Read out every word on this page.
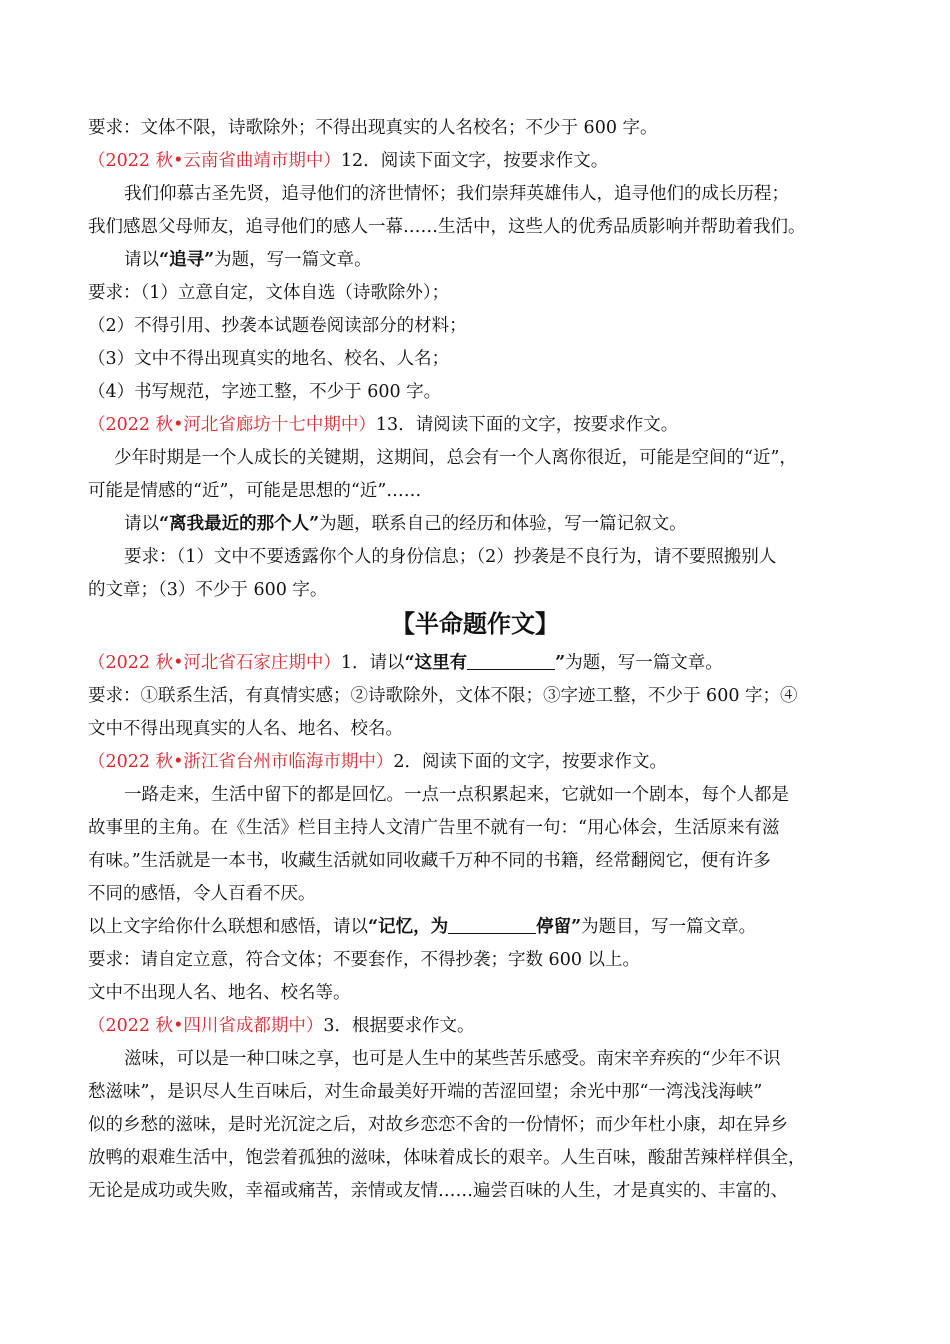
要求：文体不限，诗歌除外；不得出现真实的人名校名；不少于 600 字。
（2022 秋•云南省曲靖市期中）12．阅读下面文字，按要求作文。
我们仰慕古圣先贤，追寻他们的济世情怀；我们崇拜英雄伟人，追寻他们的成长历程；
我们感恩父母师友，追寻他们的感人一幕……生活中，这些人的优秀品质影响并帮助着我们。
请以“追寻”为题，写一篇文章。
要求：（1）立意自定，文体自选（诗歌除外）；
（2）不得引用、抄袭本试题卷阅读部分的材料；
（3）文中不得出现真实的地名、校名、人名；
（4）书写规范，字迹工整，不少于 600 字。
（2022 秋•河北省廊坊十七中期中）13．请阅读下面的文字，按要求作文。
少年时期是一个人成长的关键期，这期间，总会有一个人离你很近，可能是空间的“近”，
可能是情感的“近”，可能是思想的“近”……
请以“离我最近的那个人”为题，联系自己的经历和体验，写一篇记叙文。
要求：（1）文中不要透露你个人的身份信息；（2）抄袭是不良行为，请不要照搬别人
的文章；（3）不少于 600 字。
【半命题作文】
（2022 秋•河北省石家庄期中）1．请以“这里有	”为题，写一篇文章。
要求：①联系生活，有真情实感；②诗歌除外，文体不限；③字迹工整，不少于 600 字；④
文中不得出现真实的人名、地名、校名。
（2022 秋•浙江省台州市临海市期中）2．阅读下面的文字，按要求作文。
一路走来，生活中留下的都是回忆。一点一点积累起来，它就如一个剧本，每个人都是
故事里的主角。在《生活》栏目主持人文清广告里不就有一句：“用心体会，生活原来有滋
有味。”生活就是一本书，收藏生活就如同收藏千万种不同的书籍，经常翻阅它，便有许多
不同的感悟，令人百看不厌。
以上文字给你什么联想和感悟，请以“记忆，为	停留”为题目，写一篇文章。
要求：请自定立意，符合文体；不要套作，不得抄袭；字数 600 以上。
文中不出现人名、地名、校名等。
（2022 秋•四川省成都期中）3．根据要求作文。
滋味，可以是一种口味之享，也可是人生中的某些苦乐感受。南宋辛弃疾的“少年不识
愁滋味”，是识尽人生百味后，对生命最美好开端的苦涩回望；余光中那“一湾浅浅海峡”
似的乡愁的滋味，是时光沉淀之后，对故乡恋恋不舍的一份情怀；而少年杜小康，却在异乡
放鸭的艰难生活中，饱尝着孤独的滋味，体味着成长的艰辛。人生百味，酸甜苦辣样样俱全，
无论是成功或失败，幸福或痛苦，亲情或友情……遍尝百味的人生，才是真实的、丰富的、
